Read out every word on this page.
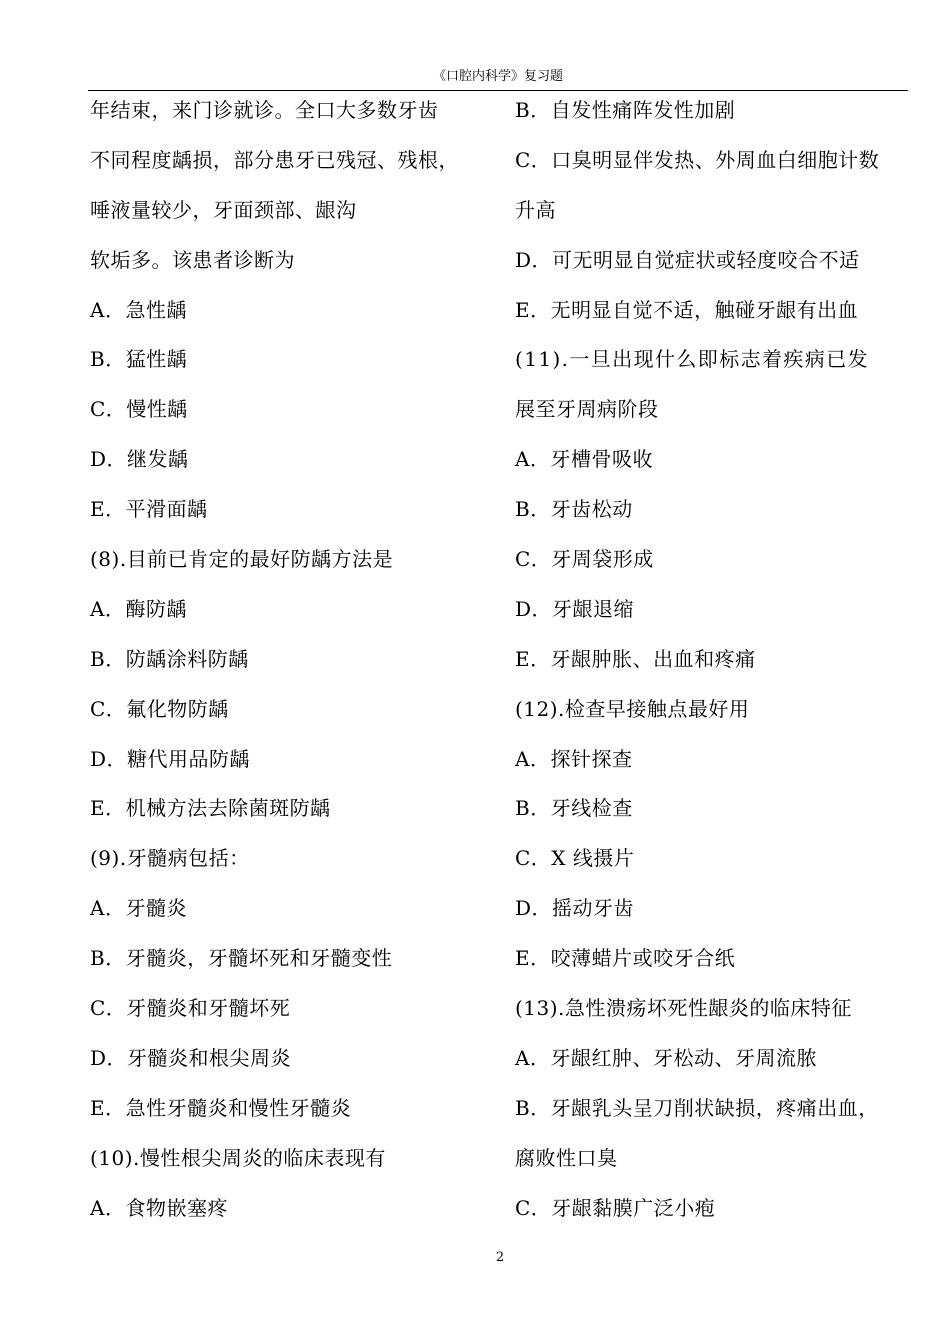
《口腔内科学》复习题
年结束，来门诊就诊。全口大多数牙齿
不同程度龋损，部分患牙已残冠、残根，
唾液量较少，牙面颈部、龈沟
软垢多。该患者诊断为
A．急性龋
B．猛性龋
C．慢性龋
D．继发龋
E．平滑面龋
(8).目前已肯定的最好防龋方法是
A．酶防龋
B．防龋涂料防龋
C．氟化物防龋
D．糖代用品防龋
E．机械方法去除菌斑防龋
(9).牙髓病包括：
A．牙髓炎
B．牙髓炎，牙髓坏死和牙髓变性
C．牙髓炎和牙髓坏死
D．牙髓炎和根尖周炎
E．急性牙髓炎和慢性牙髓炎
(10).慢性根尖周炎的临床表现有
A．食物嵌塞疼
B．自发性痛阵发性加剧
C．口臭明显伴发热、外周血白细胞计数
升高
D．可无明显自觉症状或轻度咬合不适
E．无明显自觉不适，触碰牙龈有出血
(11).一旦出现什么即标志着疾病已发
展至牙周病阶段
A．牙槽骨吸收
B．牙齿松动
C．牙周袋形成
D．牙龈退缩
E．牙龈肿胀、出血和疼痛
(12).检查早接触点最好用
A．探针探查
B．牙线检查
C．X 线摄片
D．摇动牙齿
E．咬薄蜡片或咬牙合纸
(13).急性溃疡坏死性龈炎的临床特征
A．牙龈红肿、牙松动、牙周流脓
B．牙龈乳头呈刀削状缺损，疼痛出血，
腐败性口臭
C．牙龈黏膜广泛小疱
2
